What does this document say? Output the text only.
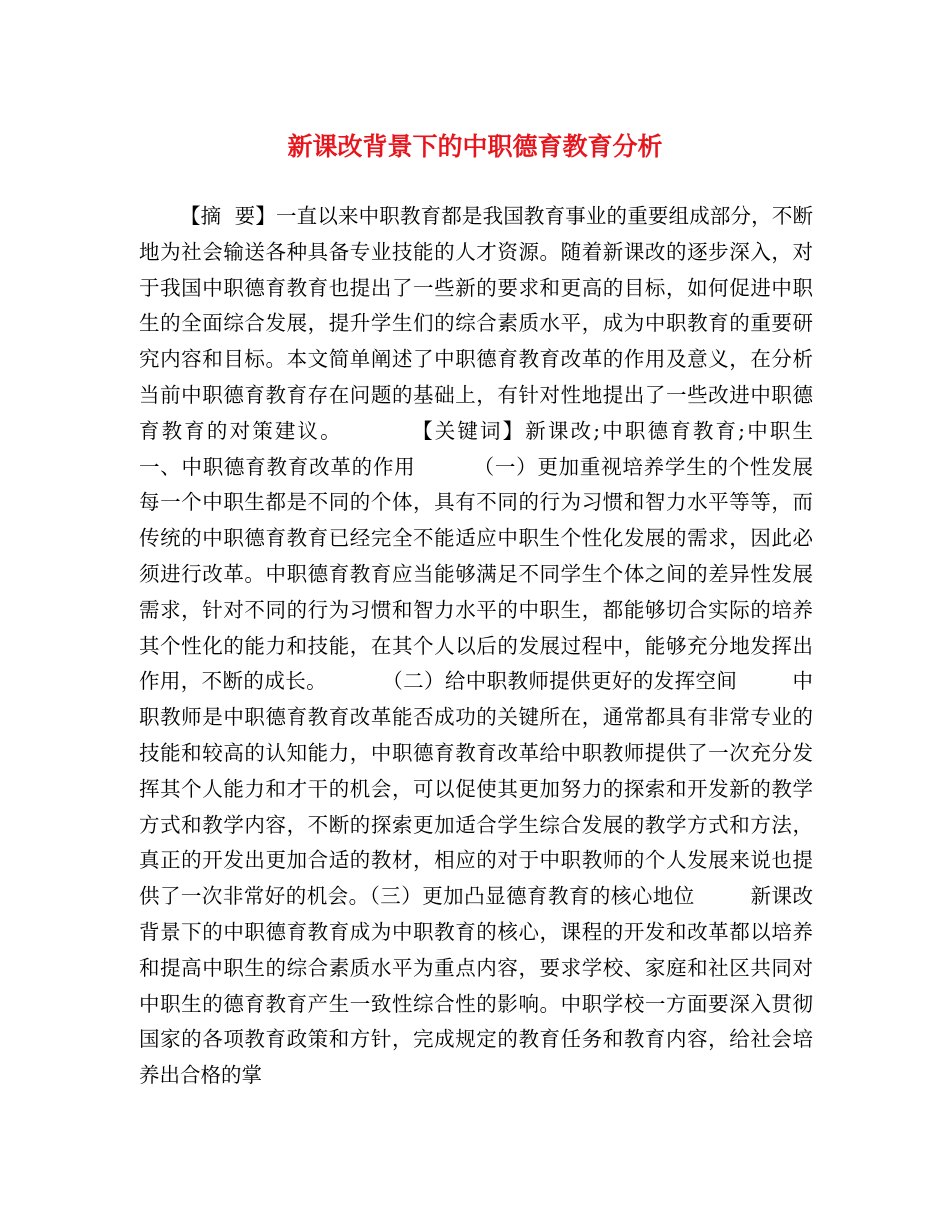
新课改背景下的中职德育教育分析

【摘  要】一直以来中职教育都是我国教育事业的重要组成部分，不断地为社会输送各种具备专业技能的人才资源。随着新课改的逐步深入，对于我国中职德育教育也提出了一些新的要求和更高的目标，如何促进中职生的全面综合发展，提升学生们的综合素质水平，成为中职教育的重要研究内容和目标。本文简单阐述了中职德育教育改革的作用及意义，在分析当前中职德育教育存在问题的基础上，有针对性地提出了一些改进中职德育教育的对策建议。        【关键词】新课改;中职德育教育;中职生        一、中职德育教育改革的作用        （一）更加重视培养学生的个性发展        每一个中职生都是不同的个体，具有不同的行为习惯和智力水平等等，而传统的中职德育教育已经完全不能适应中职生个性化发展的需求，因此必须进行改革。中职德育教育应当能够满足不同学生个体之间的差异性发展需求，针对不同的行为习惯和智力水平的中职生，都能够切合实际的培养其个性化的能力和技能，在其个人以后的发展过程中，能够充分地发挥出作用，不断的成长。        （二）给中职教师提供更好的发挥空间        中职教师是中职德育教育改革能否成功的关键所在，通常都具有非常专业的技能和较高的认知能力，中职德育教育改革给中职教师提供了一次充分发挥其个人能力和才干的机会，可以促使其更加努力的探索和开发新的教学方式和教学内容，不断的探索更加适合学生综合发展的教学方式和方法，真正的开发出更加合适的教材，相应的对于中职教师的个人发展来说也提供了一次非常好的机会。（三）更加凸显德育教育的核心地位        新课改背景下的中职德育教育成为中职教育的核心，课程的开发和改革都以培养和提高中职生的综合素质水平为重点内容，要求学校、家庭和社区共同对中职生的德育教育产生一致性综合性的影响。中职学校一方面要深入贯彻国家的各项教育政策和方针，完成规定的教育任务和教育内容，给社会培养出合格的掌
